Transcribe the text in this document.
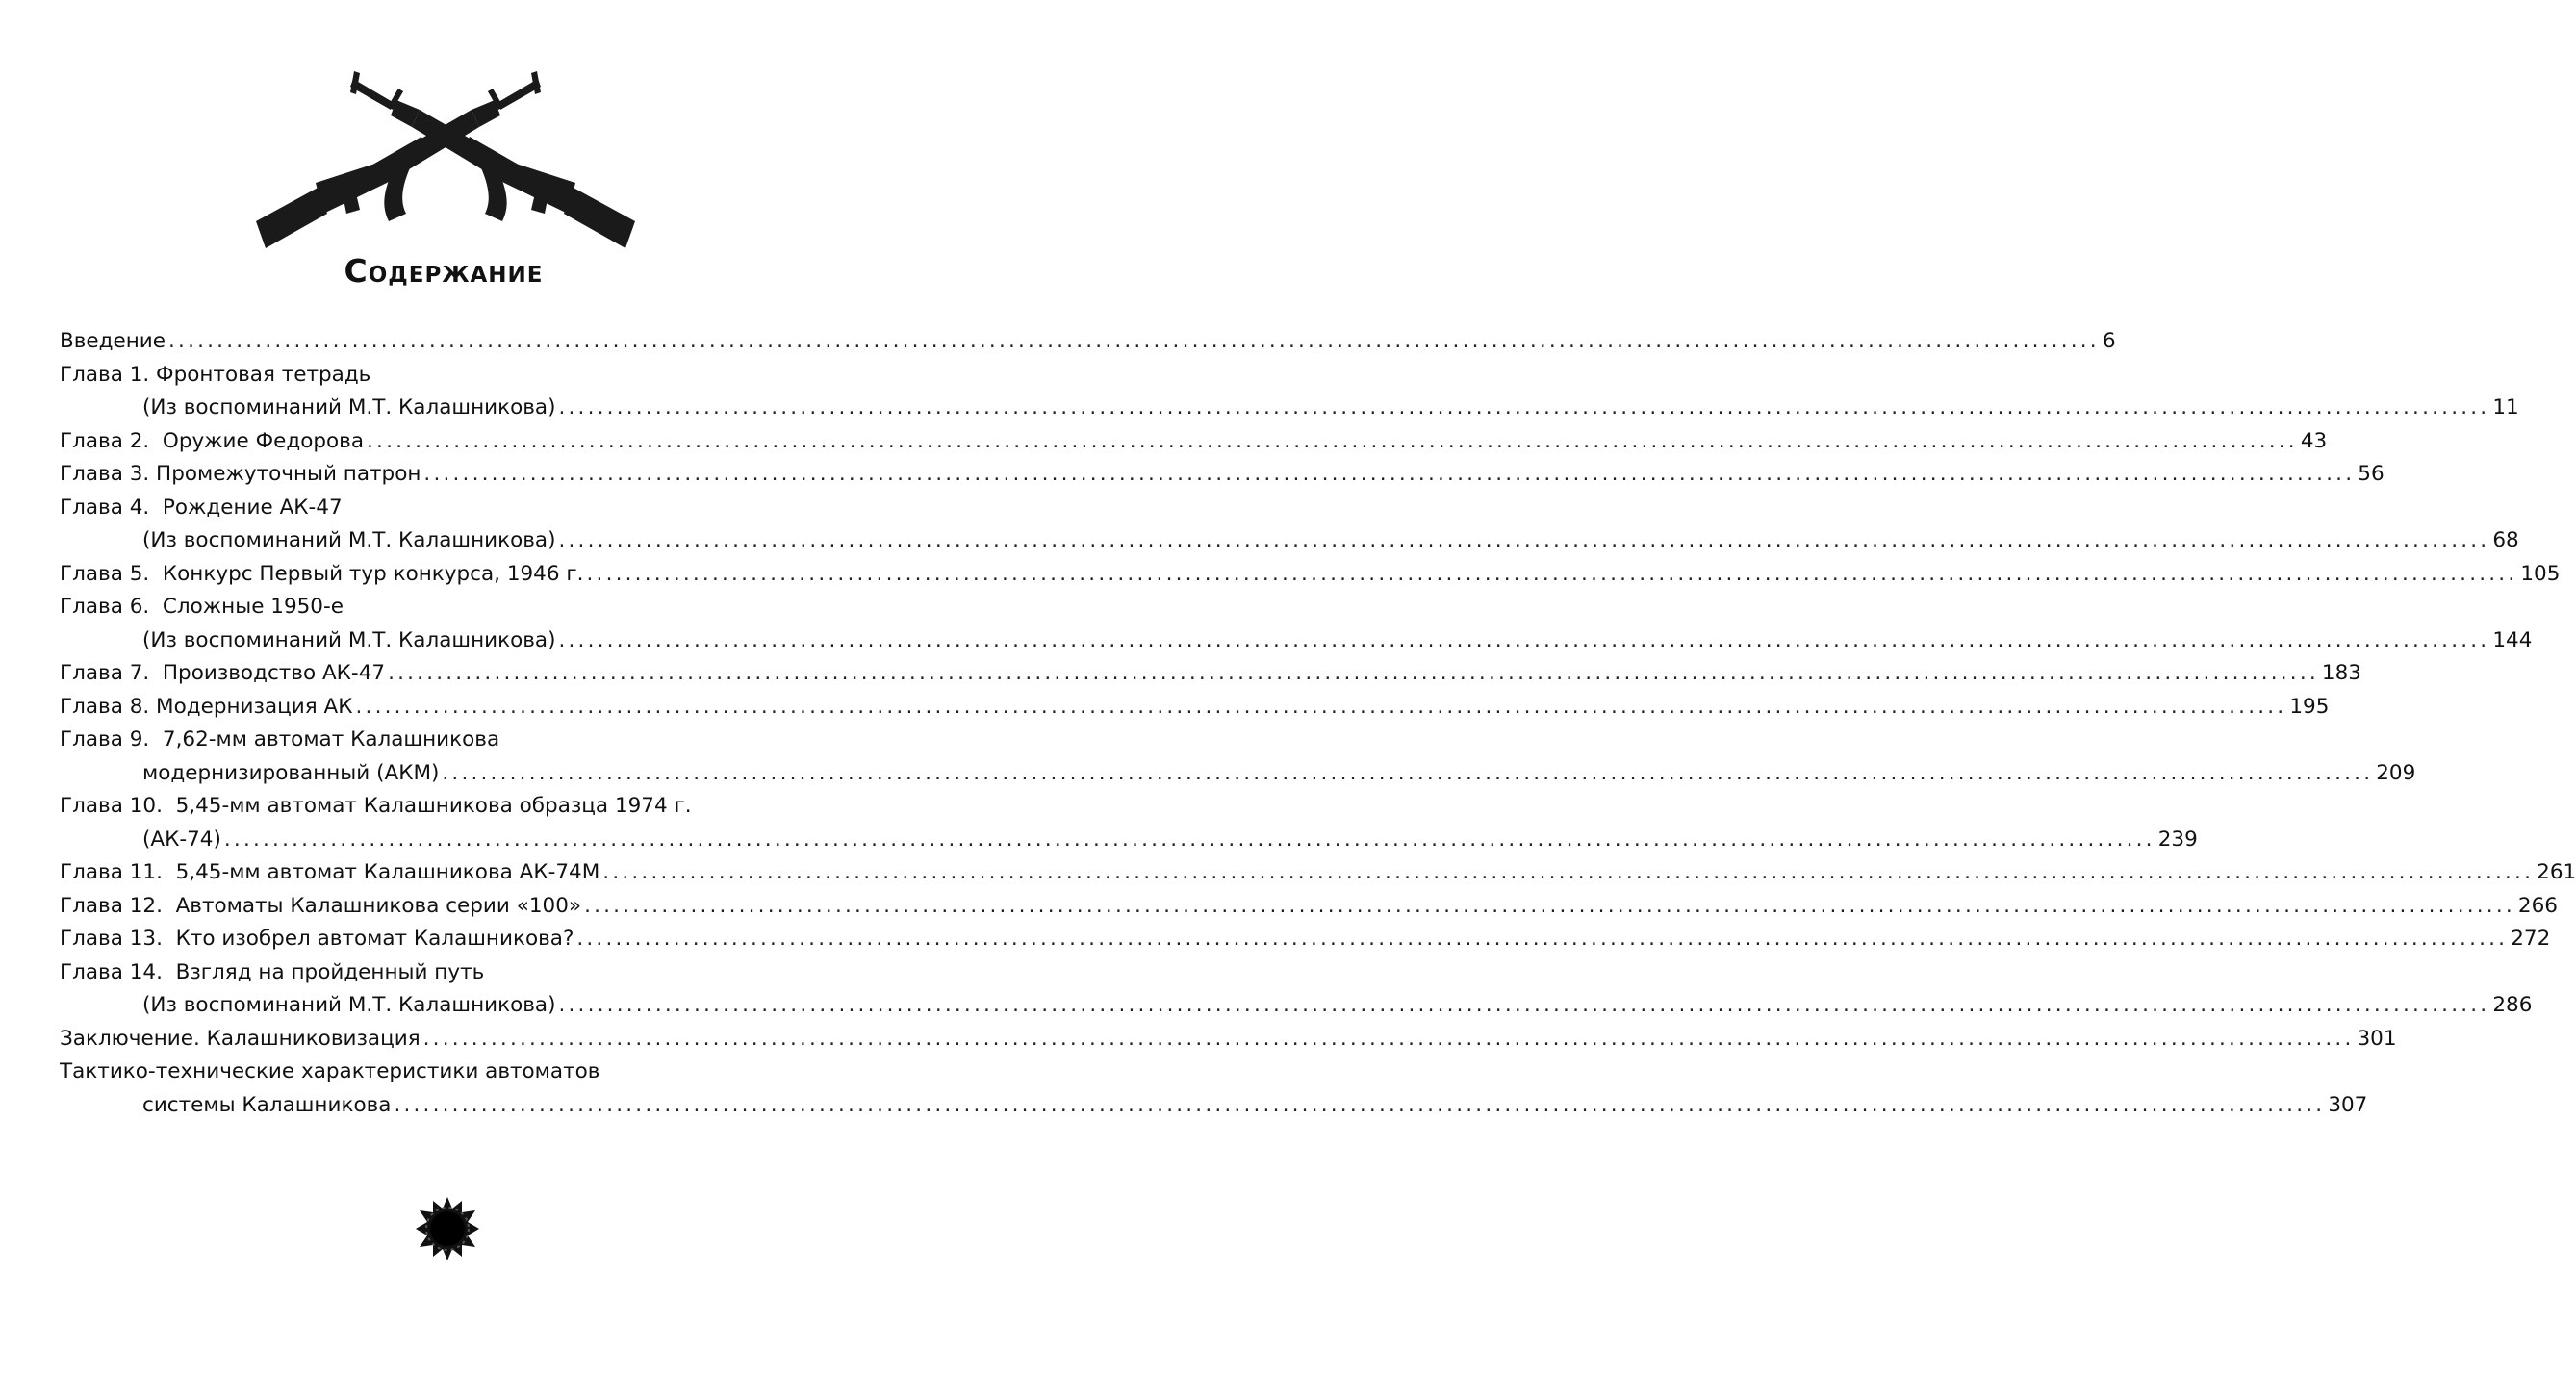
Содержание
Введение ........................................................................................................................................................................................................ 6
Глава 1. Фронтовая тетрадь
(Из воспоминаний М.Т. Калашникова) ........................................................................................................................................................................................................ 11
Глава 2.  Оружие Федорова ........................................................................................................................................................................................................ 43
Глава 3. Промежуточный патрон ........................................................................................................................................................................................................ 56
Глава 4.  Рождение АК-47
(Из воспоминаний М.Т. Калашникова) ........................................................................................................................................................................................................ 68
Глава 5.  Конкурс Первый тур конкурса, 1946 г. ........................................................................................................................................................................................................ 105
Глава 6.  Сложные 1950-е
(Из воспоминаний М.Т. Калашникова) ........................................................................................................................................................................................................ 144
Глава 7.  Производство АК-47 ........................................................................................................................................................................................................ 183
Глава 8. Модернизация АК ........................................................................................................................................................................................................ 195
Глава 9.  7,62-мм автомат Калашникова
модернизированный (АКМ) ........................................................................................................................................................................................................ 209
Глава 10.  5,45-мм автомат Калашникова образца 1974 г.
(АК-74) ........................................................................................................................................................................................................ 239
Глава 11.  5,45-мм автомат Калашникова АК-74М ........................................................................................................................................................................................................ 261
Глава 12.  Автоматы Калашникова серии «100» ........................................................................................................................................................................................................ 266
Глава 13.  Кто изобрел автомат Калашникова? ........................................................................................................................................................................................................ 272
Глава 14.  Взгляд на пройденный путь
(Из воспоминаний М.Т. Калашникова) ........................................................................................................................................................................................................ 286
Заключение. Калашниковизация ........................................................................................................................................................................................................ 301
Тактико-технические характеристики автоматов
системы Калашникова ........................................................................................................................................................................................................ 307
